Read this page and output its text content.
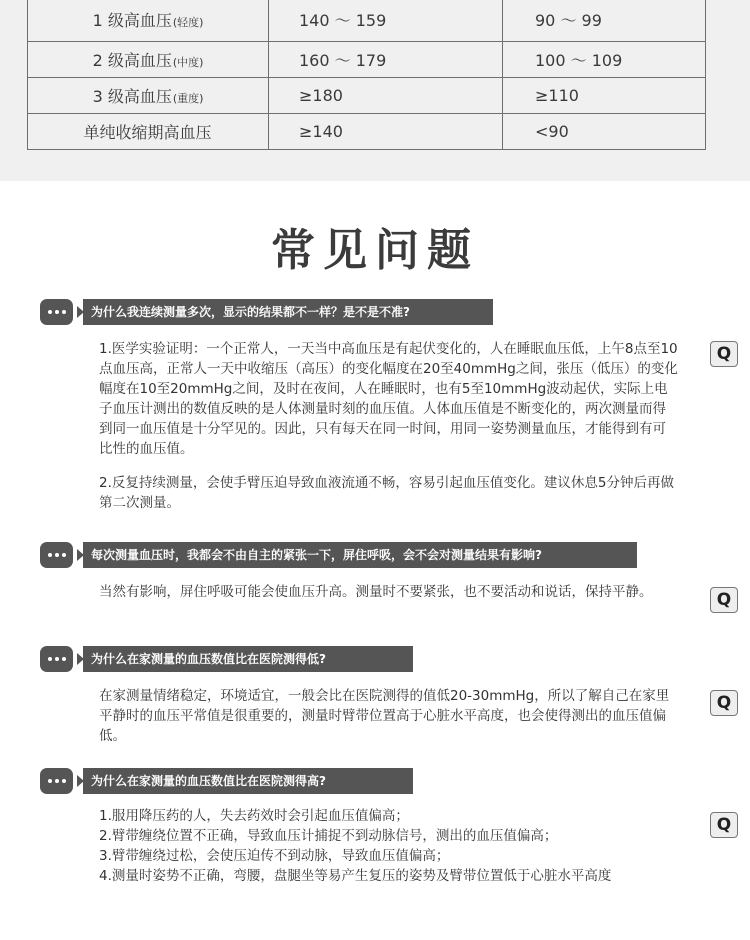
1 级高血压(轻度)	140 ～ 159	90 ～ 99
2 级高血压(中度)	160 ～ 179	100 ～ 109
3 级高血压(重度)	≥180	≥110
单纯收缩期高血压	≥140	<90
常见问题
为什么我连续测量多次，显示的结果都不一样？是不是不准?
Q

1.医学实验证明：一个正常人，一天当中高血压是有起伏变化的，人在睡眠血压低，上午8点至10点血压高，正常人一天中收缩压（高压）的变化幅度在20至40mmHg之间，张压（低压）的变化幅度在10至20mmHg之间，及时在夜间，人在睡眠时，也有5至10mmHg波动起伏，实际上电子血压计测出的数值反映的是人体测量时刻的血压值。人体血压值是不断变化的，两次测量而得到同一血压值是十分罕见的。因此，只有每天在同一时间，用同一姿势测量血压，才能得到有可比性的血压值。

2.反复持续测量，会使手臂压迫导致血液流通不畅，容易引起血压值变化。建议休息5分钟后再做第二次测量。

每次测量血压时，我都会不由自主的紧张一下，屏住呼吸，会不会对测量结果有影响?
Q

当然有影响，屏住呼吸可能会使血压升高。测量时不要紧张，也不要活动和说话，保持平静。

为什么在家测量的血压数值比在医院测得低?
Q

在家测量情绪稳定，环境适宜，一般会比在医院测得的值低20-30mmHg，所以了解自己在家里平静时的血压平常值是很重要的，测量时臂带位置高于心脏水平高度，也会使得测出的血压值偏低。

为什么在家测量的血压数值比在医院测得高?
Q

1.服用降压药的人，失去药效时会引起血压值偏高；

2.臂带缠绕位置不正确，导致血压计捕捉不到动脉信号，测出的血压值偏高；

3.臂带缠绕过松，会使压迫传不到动脉，导致血压值偏高；

4.测量时姿势不正确，弯腰，盘腿坐等易产生复压的姿势及臂带位置低于心脏水平高度
